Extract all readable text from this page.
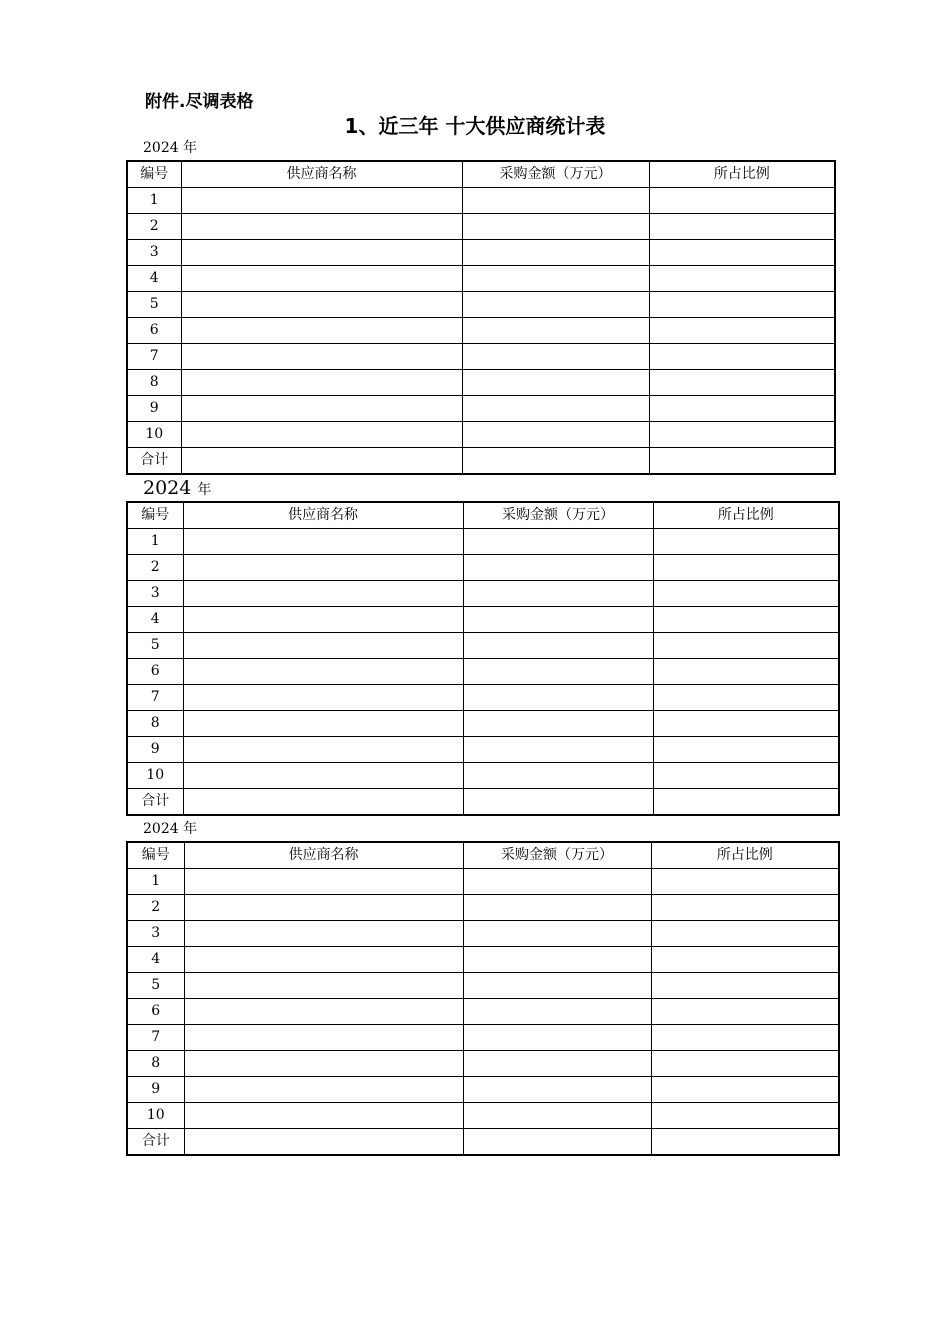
附件.尽调表格
1、近三年 十大供应商统计表
2024 年
编号	供应商名称	采购金额（万元）	所占比例
1			
2			
3			
4			
5			
6			
7			
8			
9			
10			
合计			
2024 年
编号	供应商名称	采购金额（万元）	所占比例
1			
2			
3			
4			
5			
6			
7			
8			
9			
10			
合计			
2024 年
编号	供应商名称	采购金额（万元）	所占比例
1			
2			
3			
4			
5			
6			
7			
8			
9			
10			
合计			
